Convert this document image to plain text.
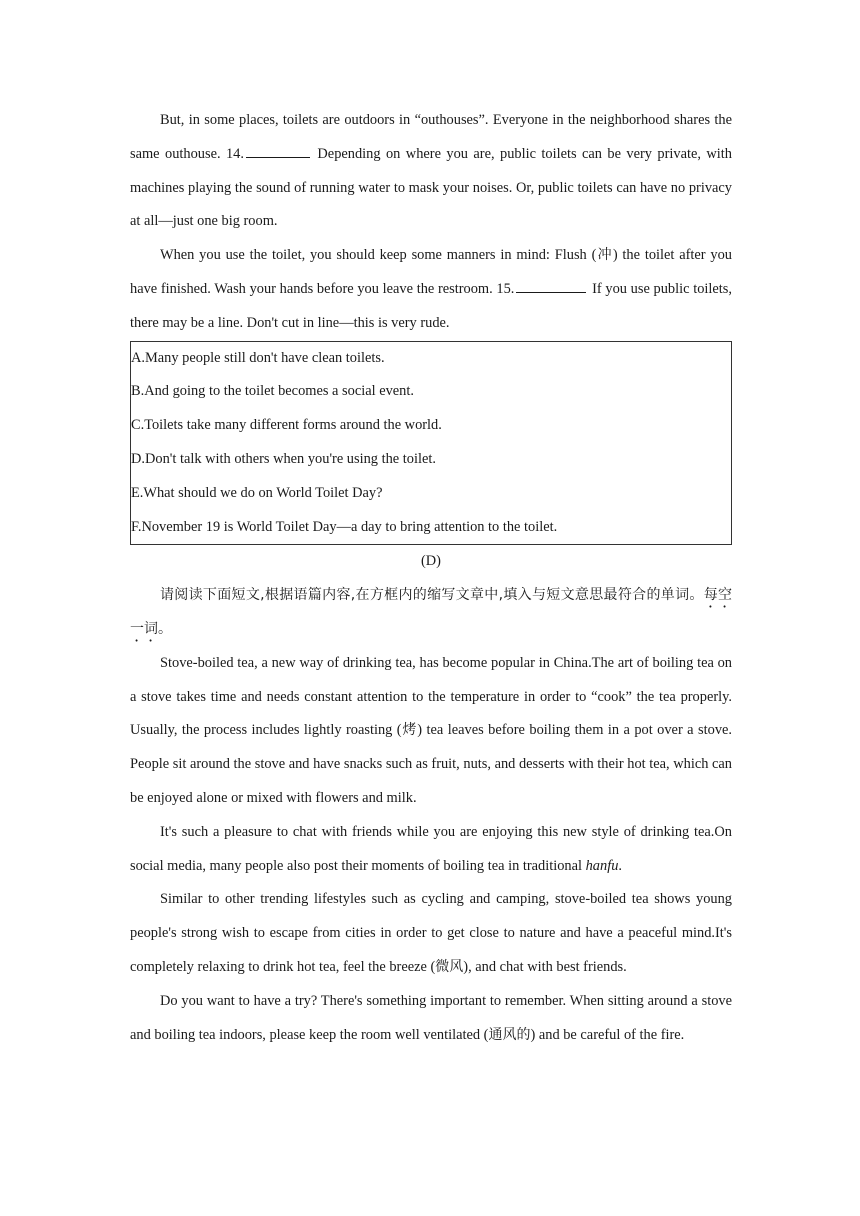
But, in some places, toilets are outdoors in “outhouses”. Everyone in the neighborhood shares the same outhouse. 14.	Depending on where you are, public toilets can be very private, with machines playing the sound of running water to mask your noises. Or, public toilets can have no privacy at all—just one big room.

When you use the toilet, you should keep some manners in mind: Flush (冲) the toilet after you have finished. Wash your hands before you leave the restroom. 15.	If you use public toilets, there may be a line. Don't cut in line—this is very rude.

A.Many people still don't have clean toilets.
B.And going to the toilet becomes a social event.
C.Toilets take many different forms around the world.
D.Don't talk with others when you're using the toilet.
E.What should we do on World Toilet Day?
F.November 19 is World Toilet Day—a day to bring attention to the toilet.
(D)

请阅读下面短文,根据语篇内容,在方框内的缩写文章中,填入与短文意思最符合的单词。每空一词。

Stove-boiled tea, a new way of drinking tea, has become popular in China.The art of boiling tea on a stove takes time and needs constant attention to the temperature in order to “cook” the tea properly. Usually, the process includes lightly roasting (烤) tea leaves before boiling them in a pot over a stove. People sit around the stove and have snacks such as fruit, nuts, and desserts with their hot tea, which can be enjoyed alone or mixed with flowers and milk.

It's such a pleasure to chat with friends while you are enjoying this new style of drinking tea.On social media, many people also post their moments of boiling tea in traditional hanfu.

Similar to other trending lifestyles such as cycling and camping, stove-boiled tea shows young people's strong wish to escape from cities in order to get close to nature and have a peaceful mind.It's completely relaxing to drink hot tea, feel the breeze (微风), and chat with best friends.

Do you want to have a try? There's something important to remember. When sitting around a stove and boiling tea indoors, please keep the room well ventilated (通风的) and be careful of the fire.
